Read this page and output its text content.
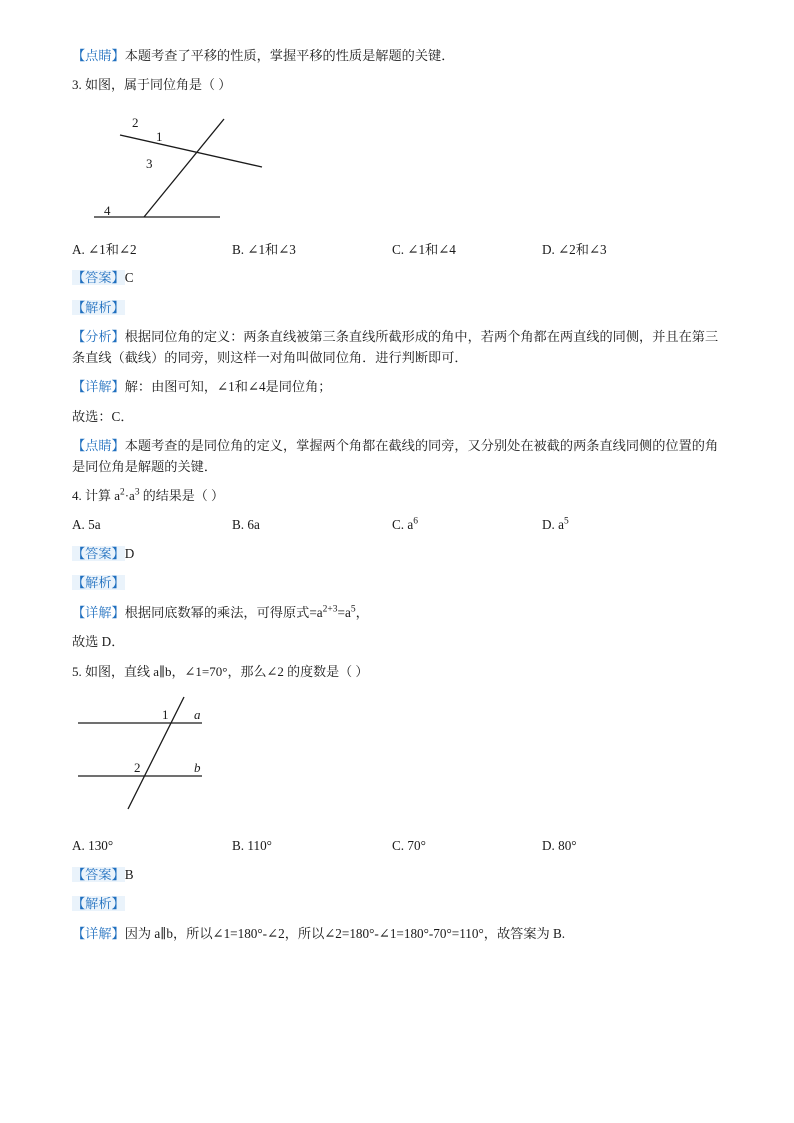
【点睛】本题考查了平移的性质，掌握平移的性质是解题的关键．

3. 如图，属于同位角是（ ）

2
1
3
4
A. ∠1和∠2	B. ∠1和∠3	C. ∠1和∠4	D. ∠2和∠3

【答案】C

【解析】

【分析】根据同位角的定义：两条直线被第三条直线所截形成的角中，若两个角都在两直线的同侧，并且在第三条直线（截线）的同旁，则这样一对角叫做同位角．进行判断即可．

【详解】解：由图可知，∠1和∠4是同位角；

故选：C．

【点睛】本题考查的是同位角的定义，掌握两个角都在截线的同旁，又分别处在被截的两条直线同侧的位置的角是同位角是解题的关键．

4. 计算 $a^2\cdot a^3$ 的结果是（ ）

A. 5a	B. 6a	C. $a^6$	D. $a^5$

【答案】D

【解析】

【详解】根据同底数幂的乘法，可得原式$=a^{2+3}=a^5$，

故选 D．

5. 如图，直线 a∥b，∠1=70°，那么∠2 的度数是（ ）

1 a
2	b
A. 130°	B. 110°	C. 70°	D. 80°

【答案】B

【解析】

【详解】因为 a∥b，所以∠1=180°-∠2，所以∠2=180°-∠1=180°-70°=110°，故答案为 B.
